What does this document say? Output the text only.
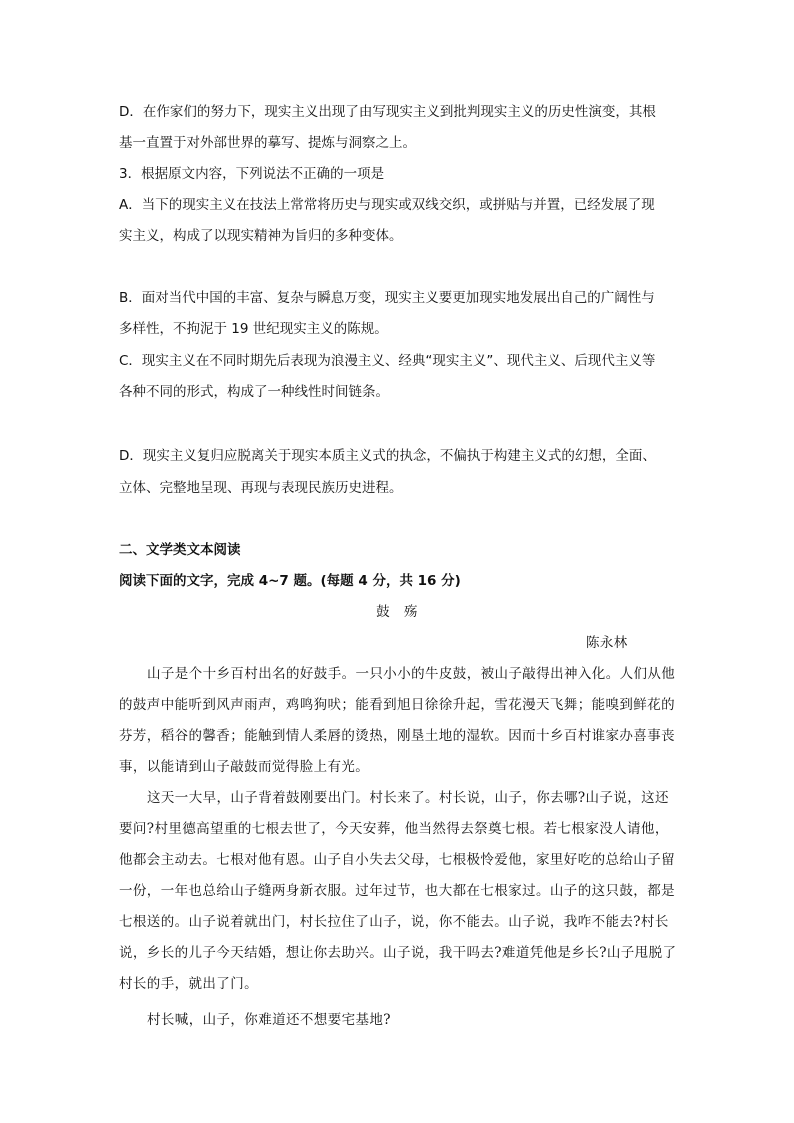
D．在作家们的努力下，现实主义出现了由写现实主义到批判现实主义的历史性演变，其根

基一直置于对外部世界的摹写、提炼与洞察之上。

3．根据原文内容，下列说法不正确的一项是

A．当下的现实主义在技法上常常将历史与现实或双线交织，或拼贴与并置，已经发展了现

实主义，构成了以现实精神为旨归的多种变体。

B．面对当代中国的丰富、复杂与瞬息万变，现实主义要更加现实地发展出自己的广阔性与

多样性，不拘泥于 19 世纪现实主义的陈规。

C．现实主义在不同时期先后表现为浪漫主义、经典“现实主义”、现代主义、后现代主义等

各种不同的形式，构成了一种线性时间链条。

D．现实主义复归应脱离关于现实本质主义式的执念，不偏执于构建主义式的幻想，全面、

立体、完整地呈现、再现与表现民族历史进程。

二、文学类文本阅读

阅读下面的文字，完成 4~7 题。(每题 4 分，共 16 分)

鼓　殇

陈永林

山子是个十乡百村出名的好鼓手。一只小小的牛皮鼓，被山子敲得出神入化。人们从他

的鼓声中能听到风声雨声，鸡鸣狗吠；能看到旭日徐徐升起，雪花漫天飞舞；能嗅到鲜花的

芬芳，稻谷的馨香；能触到情人柔唇的烫热，刚垦土地的湿软。因而十乡百村谁家办喜事丧

事，以能请到山子敲鼓而觉得脸上有光。

这天一大早，山子背着鼓刚要出门。村长来了。村长说，山子，你去哪?山子说，这还

要问?村里德高望重的七根去世了，今天安葬，他当然得去祭奠七根。若七根家没人请他，

他都会主动去。七根对他有恩。山子自小失去父母，七根极怜爱他，家里好吃的总给山子留

一份，一年也总给山子缝两身新衣服。过年过节，也大都在七根家过。山子的这只鼓，都是

七根送的。山子说着就出门，村长拉住了山子，说，你不能去。山子说，我咋不能去?村长

说，乡长的儿子今天结婚，想让你去助兴。山子说，我干吗去?难道凭他是乡长?山子甩脱了

村长的手，就出了门。

村长喊，山子，你难道还不想要宅基地?
